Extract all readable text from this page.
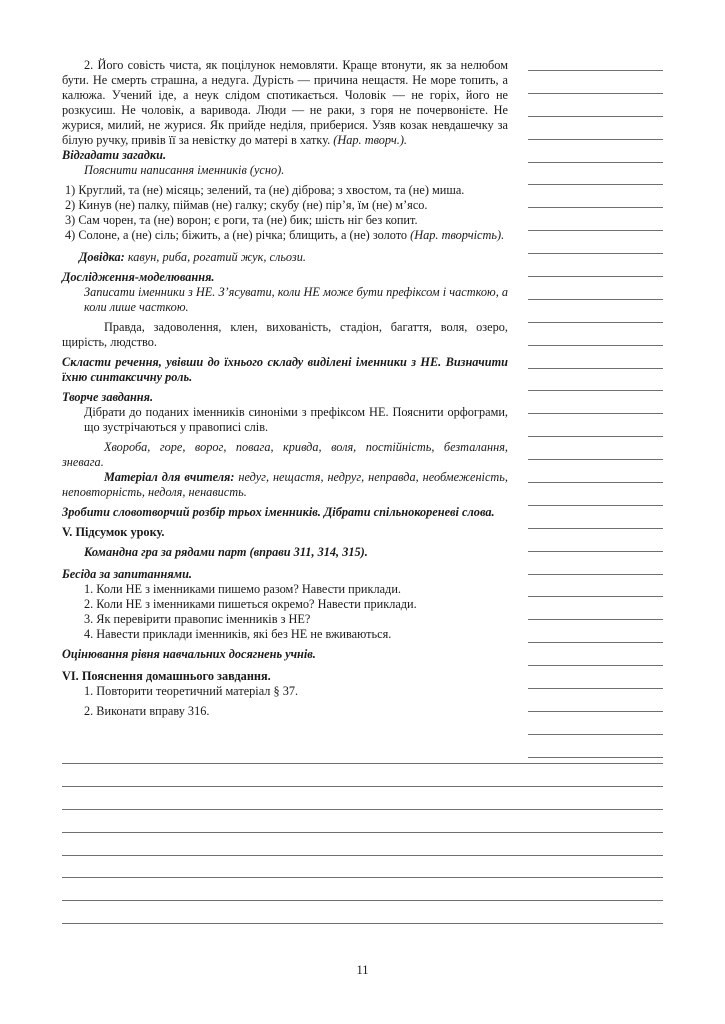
2. Його совість чиста, як поцілунок немовляти. Краще втонути, як за нелюбом бути. Не смерть страшна, а недуга. Дурість — причина нещастя. Не море топить, а калюжа. Учений іде, а неук слідом спотикається. Чоловік — не горіх, його не розкусиш. Не чоловік, а варивода. Люди — не раки, з горя не почервонієте. Не журися, милий, не журися. Як прийде неділя, приберися. Узяв козак невдашечку за білую ручку, привів її за невістку до матері в хатку. (Нар. творч.).

Відгадати загадки.

Пояснити написання іменників (усно).

1) Круглий, та (не) місяць; зелений, та (не) діброва; з хвостом, та (не) миша.

2) Кинув (не) палку, піймав (не) галку; скубу (не) пір’я, їм (не) м’ясо.

3) Сам чорен, та (не) ворон; є роги, та (не) бик; шість ніг без копит.

4) Солоне, а (не) сіль; біжить, а (не) річка; блищить, а (не) золото (Нар. творчість).

Довідка: кавун, риба, рогатий жук, сльози.

Дослідження-моделювання.

Записати іменники з НЕ. З’ясувати, коли НЕ може бути префіксом і часткою, а коли лише часткою.

Правда, задоволення, клен, вихованість, стадіон, багаття, воля, озеро, щирість, людство.

Скласти речення, увівши до їхнього складу виділені іменники з НЕ. Визначити їхню синтаксичну роль.

Творче завдання.

Дібрати до поданих іменників синоніми з префіксом НЕ. Пояснити орфограми, що зустрічаються у правописі слів.

Хвороба, горе, ворог, повага, кривда, воля, постійність, безталання, зневага.

Матеріал для вчителя: недуг, нещастя, недруг, неправда, необмеженість, неповторність, недоля, ненависть.

Зробити словотворчий розбір трьох іменників. Дібрати спільнокореневі слова.

V. Підсумок уроку.

Командна гра за рядами парт (вправи 311, 314, 315).

Бесіда за запитаннями.

1. Коли НЕ з іменниками пишемо разом? Навести приклади.

2. Коли НЕ з іменниками пишеться окремо? Навести приклади.

3. Як перевірити правопис іменників з НЕ?

4. Навести приклади іменників, які без НЕ не вживаються.

Оцінювання рівня навчальних досягнень учнів.

VI. Пояснення домашнього завдання.

1. Повторити теоретичний матеріал § 37.

2. Виконати вправу 316.

11
